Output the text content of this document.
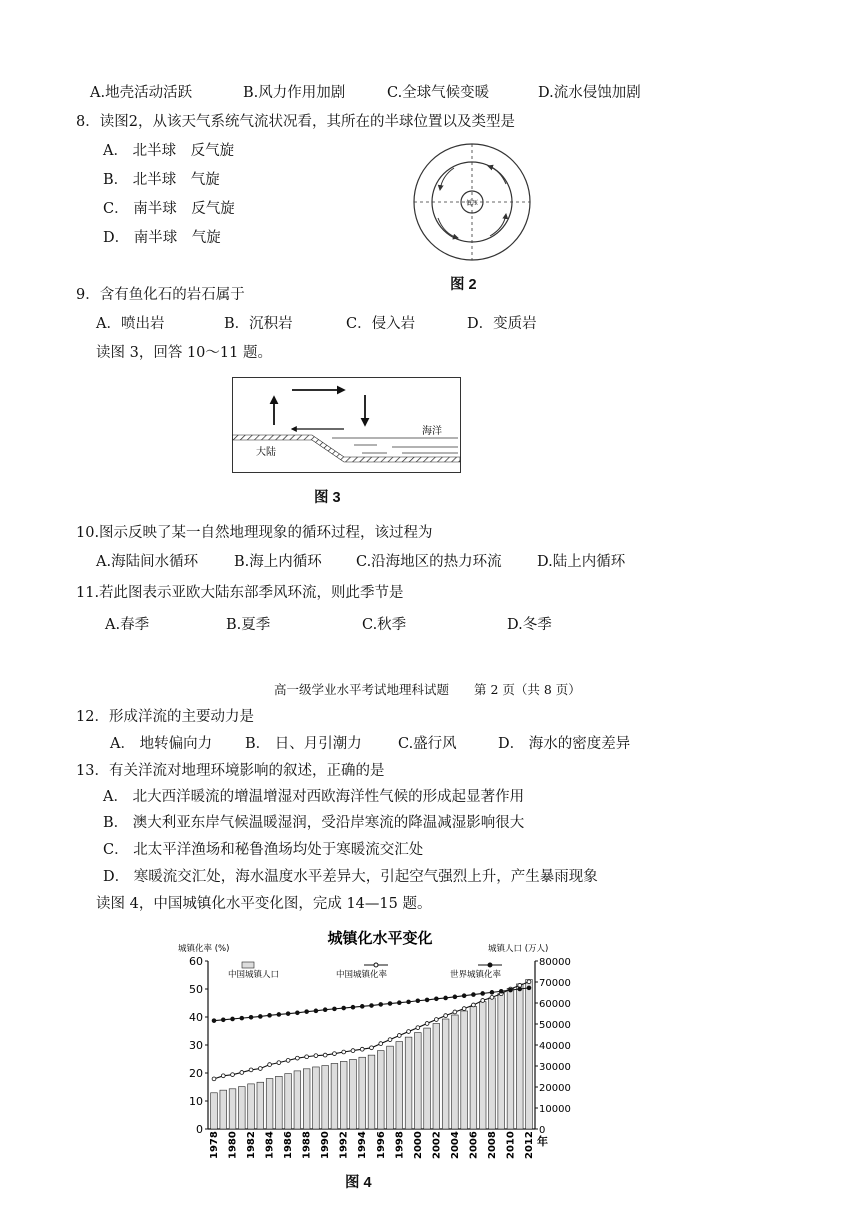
A.地壳活动活跃	B.风力作用加剧	C.全球气候变暖	D.流水侵蚀加剧
8．读图2，从该天气系统气流状况看，其所在的半球位置以及类型是
A． 北半球　反气旋
B． 北半球　气旋
C． 南半球　反气旋
D． 南半球　气旋
低压
图 2
9．含有鱼化石的岩石属于
A．喷出岩	B．沉积岩	C．侵入岩	D．变质岩
读图 3，回答 10～11 题。
海洋
大陆
图 3
10.图示反映了某一自然地理现象的循环过程，该过程为
A.海陆间水循环 B.海上内循环 C.沿海地区的热力环流 D.陆上内循环
11.若此图表示亚欧大陆东部季风环流，则此季节是
A.春季	B.夏季	C.秋季	D.冬季
高一级学业水平考试地理科试题　　第 2 页（共 8 页）
12．形成洋流的主要动力是
A． 地转偏向力 B． 日、月引潮力 C.盛行风	D． 海水的密度差异
13．有关洋流对地理环境影响的叙述，正确的是
A． 北大西洋暖流的增温增湿对西欧海洋性气候的形成起显著作用
B． 澳大利亚东岸气候温暖湿润，受沿岸寒流的降温减湿影响很大
C． 北太平洋渔场和秘鲁渔场均处于寒暖流交汇处
D． 寒暖流交汇处，海水温度水平差异大，引起空气强烈上升，产生暴雨现象
读图 4，中国城镇化水平变化图，完成 14—15 题。
城镇化水平变化
城镇化率 (%)	城镇人口 (万人)
0
10
20
30
40
50
60
0
10000
20000
30000
40000
50000
60000
70000
80000
1978 1980 1982 1984 1986 1988 1990 1992 1994 1996 1998 2000 2002 2004 2006 2008 2010 2012 年
中国城镇人口	中国城镇化率	世界城镇化率
图 4
